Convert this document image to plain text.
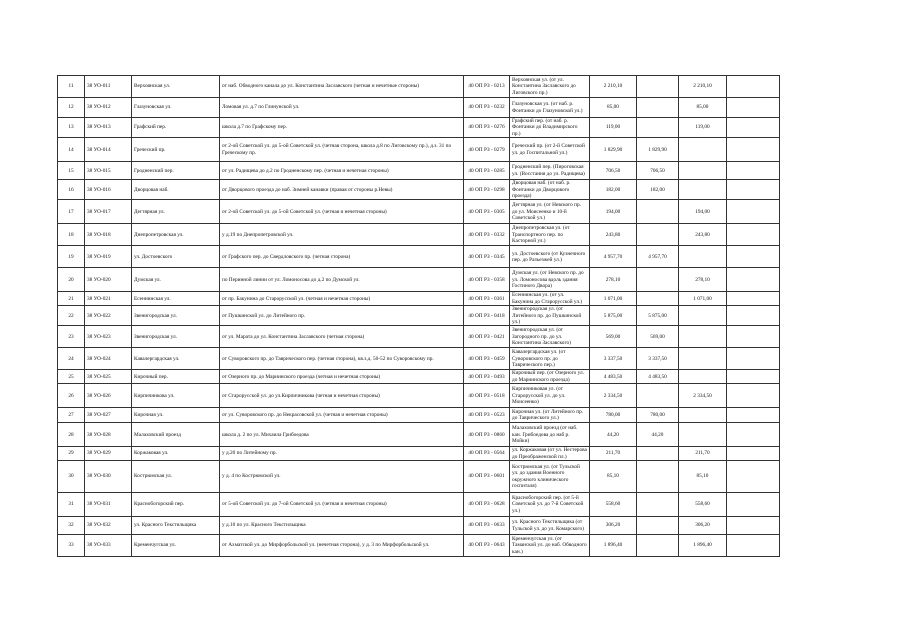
11	38 УО-011	Верхоянская ул.	от наб. Обводного канала до ул. Константина Заславского (четная и нечетные стороны)	40 ОП РЗ - 0213	Верхоянская ул. (от ул. Константина Заславского до Лиговского пр.)	2 210,10		2 210,10	
12	38 УО-012	Глазуновская ул.	Ломовая ул. д.7 по Глинунской ул.	40 ОП РЗ - 0232	Глазуновская ул. (от наб. р. Фонтанки до Глазуновской ул.)	85,00		85,00	
13	38 УО-013	Графский пер.	школа д.7 по Графскому пер.	40 ОП РЗ - 0276	Графский пер. (от наб. р. Фонтанки до Владимирского пр.)	119,00		119,00	
14	38 УО-014	Греческий пр.	от 2-ой Советской ул. до 5-ой Советской ул. (четная сторона, школа д.8 по Лиговскому пр.), д.з. 31 по Греческому пр.	40 ОП РЗ - 0279	Греческий пр. (от 2-й Советской ул. до Госпитальной ул.)	1 829,90	1 829,90		
15	38 УО-015	Гродненский пер.	от ул. Радищева до д.2 по Гродненскому пер. (четная и нечетная стороны)	40 ОП РЗ - 0285	Гродненский пер. (Пироговская ул. (Восстания до ул. Радищева)	706,50	706,50		
16	38 УО-016	Дворцовая наб.	от Дворцового проезда до наб. Зимней канавки (правая от стороны р.Невы)	40 ОП РЗ - 0298	Дворцовая наб. (от наб. р. Фонтанки до Дворцового проезда)	182,00	182,00		
17	38 УО-017	Дегтярная ул.	от 2-ой Советской ул. до 5-ой Советской ул. (четная и нечетная стороны)	40 ОП РЗ - 0305	Дегтярная ул. (от Невского пр. до ул. Моисеенко и 10-й Советской ул.)	194,00		194,00	
18	38 УО-018	Днепропетровская ул.	у д.19 по Днепропетровской ул.	40 ОП РЗ - 0332	Днепропетровская ул. (от Транспортного пер. по Касторной ул.)	243,80		243,80	
19	38 УО-019	ул. Достоевского	от Графского пер. до Свердловского пр. (четная сторона)	40 ОП РЗ - 0345	ул. Достоевского (от Кузнечного пер. до Разъезжей ул.)	4 957,70	4 957,70		
20	38 УО-020	Думская ул.	по Перинной линии от ул. Ломоносова до д.2 по Думской ул.	40 ОП РЗ - 0358	Думская ул. (от Невского пр. до ул. Ломоносова вдоль здания Гостиного Двора)	278,10		278,10	
21	38 УО-021	Есеннинская ул.	от пр. Бакунина до Старорусской ул. (четная и нечетная стороны)	40 ОП РЗ - 0361	Есеннинская ул. (от ул. Бакунина до Старорусской ул.)	1 071,00		1 071,00	
22	38 УО-022	Звенигородская ул.	от Пушкинской ул. до Литейного пр.	40 ОП РЗ - 0418	Звенигородская ул. (от Литейного пр. до Пушкинской ул.)	5 875,00	5 875,00		
23	38 УО-023	Звенигородская ул.	от ул. Марата до ул. Константина Заславского (четная сторона)	40 ОП РЗ - 0421	Звенигородская ул. (от Загородного пр. до ул. Константина Заславского)	569,00	569,00		
24	38 УО-024	Кавалергардская ул.	от Суворовского пр. до Таврического пер. (четная сторона), кв.з.д. 50-52 по Суворовскому пр.	40 ОП РЗ - 0459	Кавалергардская ул. (от Суворовского пр. до Таврического пер.)	3 337,50	3 337,50		
25	38 УО-025	Кирочный пер.	от Озерного пр. до Мариинского проезда (четная и нечетная стороны)	40 ОП РЗ - 0493	Кирочный пер. (от Озерного ул. до Мариинского проезда)	4 483,50	4 483,50		
26	38 УО-026	Кирпичникова ул.	от Старорусской ул. до ул.Кирпичникова (четная и нечетная стороны)	40 ОП РЗ - 0518	Кирпичниковая ул. (от Старорусской ул. до ул. Моисеенко)	2 334,50		2 334,50	
27	38 УО-027	Кирочная ул.	от ул. Суворовского пр. до Некрасовской ул. (четная и нечетная стороны)	40 ОП РЗ - 0523	Кирочная ул. (от Литейного пр. до Таврического ул.)	780,00	780,00		
28	38 УО-028	Малаховский проезд	школа д. 2 по ул. Михаила Грибоедова	40 ОП РЗ - 0860	Малаховский проезд (от наб. кан. Грибоедова до наб р. Мойки)	44,20	44,20		
29	38 УО-029	Коржаковая ул.	у д.20 по Литейному пр.	40 ОП РЗ - 0564	ул. Коржаковая (от ул. Нестерова до Преображенской пл.)	211,70		211,70	
30	38 УО-030	Кострюмская ул.	у д. 4 по Кострюмской ул.	40 ОП РЗ - 0601	Кострюмская ул. (от Тульской ул. до здания Военного окружного клинического госпиталя)	85,10		85,10	
31	38 УО-031	Краснобогорский пер.	от 5-ой Советской ул. до 7-ой Советской ул. (четная и нечетная стороны)	40 ОП РЗ - 0628	Краснобогорский пер. (от 5-й Советской ул. до 7-й Советской ул.)	558,60		558,60	
32	38 УО-032	ул. Красного Текстильщика	у д.10 по ул. Красного Текстильщика	40 ОП РЗ - 0633	ул. Красного Текстильщика (от Тульской ул. до ул. Комарского)	306,20		306,20	
33	38 УО-033	Кременчугская ул.	от Ахматской ул. до Мирфорбольской ул. (нечетная сторона), у д. 3 по Мирфорбольской ул.	40 ОП РЗ - 0643	Кременчугская ул. (от Таманской ул. до наб. Обводного кан.)	1 896,40		1 896,40	
